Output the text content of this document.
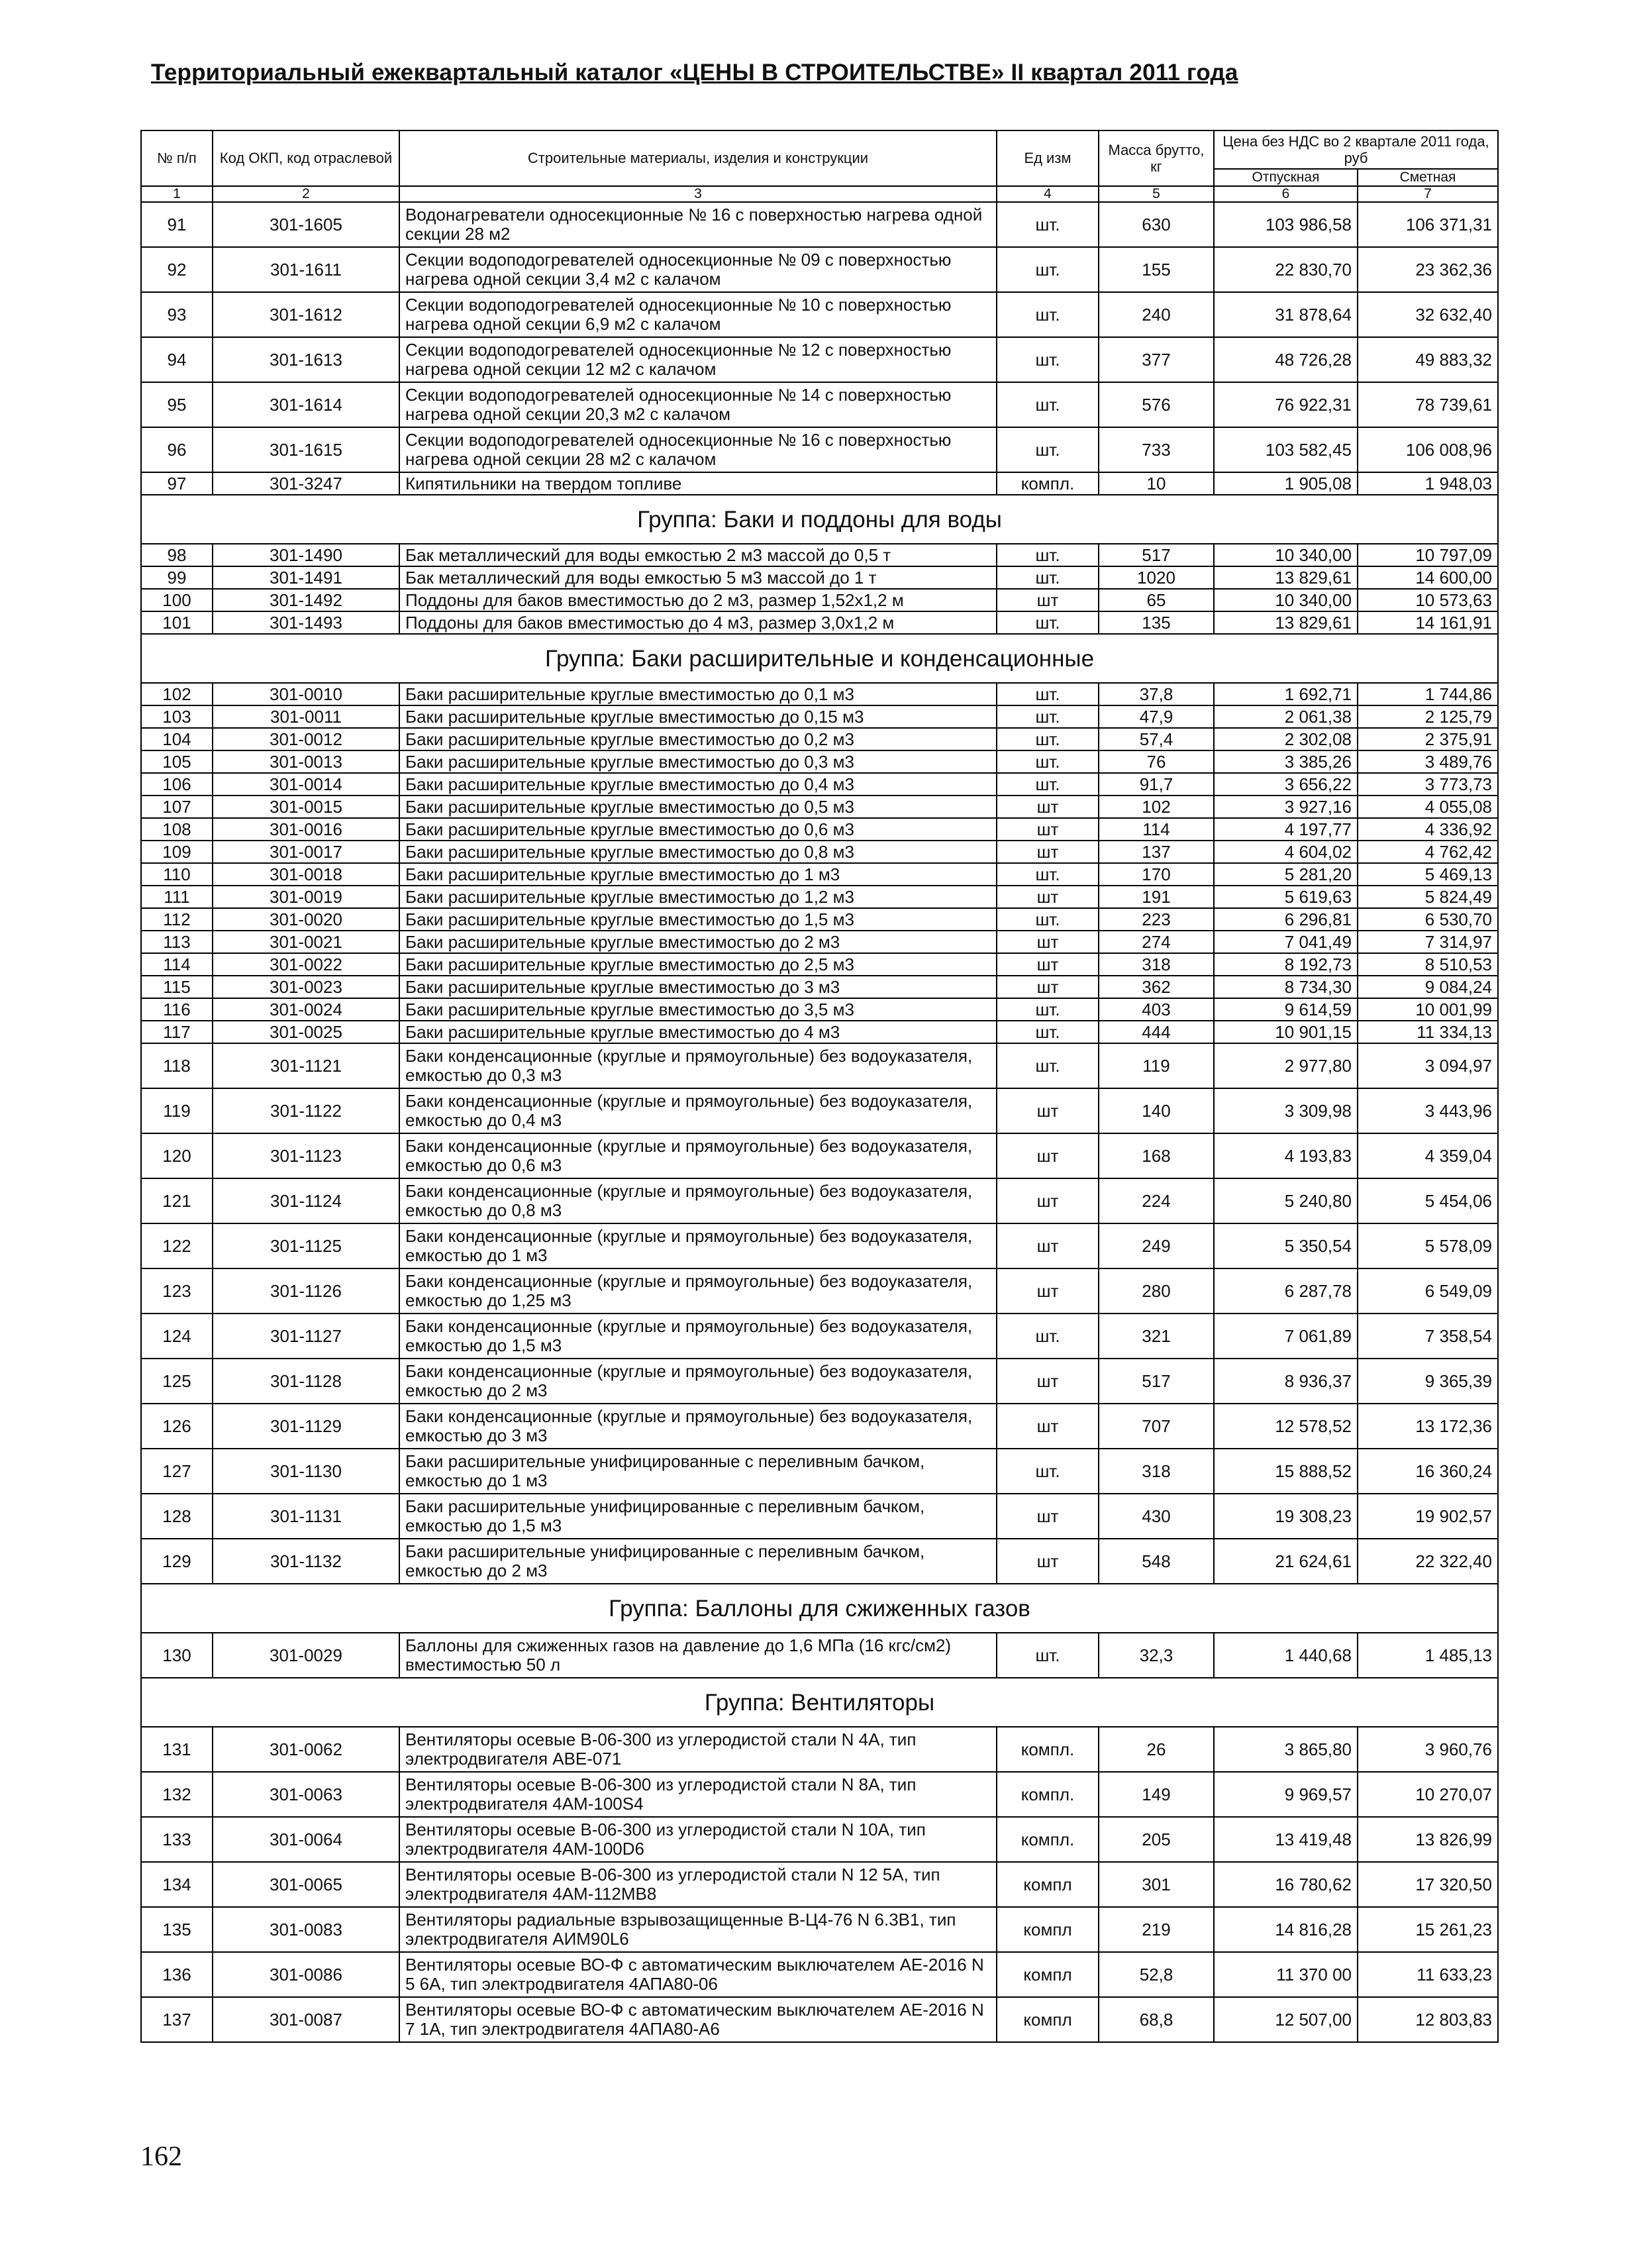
Территориальный ежеквартальный каталог «ЦЕНЫ В СТРОИТЕЛЬСТВЕ» II квартал 2011 года
№ п/п	Код ОКП, код отраслевой	Строительные материалы, изделия и конструкции	Ед изм	Масса брутто, кг	Цена без НДС во 2 квартале 2011 года, руб	
					Отпускная	Сметная
1	2	3	4	5	6	7
91	301-1605	Водонагреватели односекционные № 16 с поверхностью нагрева одной секции 28 м2	шт.	630	103 986,58	106 371,31
92	301-1611	Секции водоподогревателей односекционные № 09 с поверхностью нагрева одной секции 3,4 м2 с калачом	шт.	155	22 830,70	23 362,36
93	301-1612	Секции водоподогревателей односекционные № 10 с поверхностью нагрева одной секции 6,9 м2 с калачом	шт.	240	31 878,64	32 632,40
94	301-1613	Секции водоподогревателей односекционные № 12 с поверхностью нагрева одной секции 12 м2 с калачом	шт.	377	48 726,28	49 883,32
95	301-1614	Секции водоподогревателей односекционные № 14 с поверхностью нагрева одной секции 20,3 м2 с калачом	шт.	576	76 922,31	78 739,61
96	301-1615	Секции водоподогревателей односекционные № 16 с поверхностью нагрева одной секции 28 м2 с калачом	шт.	733	103 582,45	106 008,96
97	301-3247	Кипятильники на твердом топливе	компл.	10	1 905,08	1 948,03
Группа: Баки и поддоны для воды						
98	301-1490	Бак металлический для воды емкостью 2 м3 массой до 0,5 т	шт.	517	10 340,00	10 797,09
99	301-1491	Бак металлический для воды емкостью 5 м3 массой до 1 т	шт.	1020	13 829,61	14 600,00
100	301-1492	Поддоны для баков вместимостью до 2 м3, размер 1,52х1,2 м	шт	65	10 340,00	10 573,63
101	301-1493	Поддоны для баков вместимостью до 4 м3, размер 3,0х1,2 м	шт.	135	13 829,61	14 161,91
Группа: Баки расширительные и конденсационные						
102	301-0010	Баки расширительные круглые вместимостью до 0,1 м3	шт.	37,8	1 692,71	1 744,86
103	301-0011	Баки расширительные круглые вместимостью до 0,15 м3	шт.	47,9	2 061,38	2 125,79
104	301-0012	Баки расширительные круглые вместимостью до 0,2 м3	шт.	57,4	2 302,08	2 375,91
105	301-0013	Баки расширительные круглые вместимостью до 0,3 м3	шт.	76	3 385,26	3 489,76
106	301-0014	Баки расширительные круглые вместимостью до 0,4 м3	шт.	91,7	3 656,22	3 773,73
107	301-0015	Баки расширительные круглые вместимостью до 0,5 м3	шт	102	3 927,16	4 055,08
108	301-0016	Баки расширительные круглые вместимостью до 0,6 м3	шт	114	4 197,77	4 336,92
109	301-0017	Баки расширительные круглые вместимостью до 0,8 м3	шт	137	4 604,02	4 762,42
110	301-0018	Баки расширительные круглые вместимостью до 1 м3	шт.	170	5 281,20	5 469,13
111	301-0019	Баки расширительные круглые вместимостью до 1,2 м3	шт	191	5 619,63	5 824,49
112	301-0020	Баки расширительные круглые вместимостью до 1,5 м3	шт.	223	6 296,81	6 530,70
113	301-0021	Баки расширительные круглые вместимостью до 2 м3	шт	274	7 041,49	7 314,97
114	301-0022	Баки расширительные круглые вместимостью до 2,5 м3	шт	318	8 192,73	8 510,53
115	301-0023	Баки расширительные круглые вместимостью до 3 м3	шт	362	8 734,30	9 084,24
116	301-0024	Баки расширительные круглые вместимостью до 3,5 м3	шт.	403	9 614,59	10 001,99
117	301-0025	Баки расширительные круглые вместимостью до 4 м3	шт.	444	10 901,15	11 334,13
118	301-1121	Баки конденсационные (круглые и прямоугольные) без водоуказателя, емкостью до 0,3 м3	шт.	119	2 977,80	3 094,97
119	301-1122	Баки конденсационные (круглые и прямоугольные) без водоуказателя, емкостью до 0,4 м3	шт	140	3 309,98	3 443,96
120	301-1123	Баки конденсационные (круглые и прямоугольные) без водоуказателя, емкостью до 0,6 м3	шт	168	4 193,83	4 359,04
121	301-1124	Баки конденсационные (круглые и прямоугольные) без водоуказателя, емкостью до 0,8 м3	шт	224	5 240,80	5 454,06
122	301-1125	Баки конденсационные (круглые и прямоугольные) без водоуказателя, емкостью до 1 м3	шт	249	5 350,54	5 578,09
123	301-1126	Баки конденсационные (круглые и прямоугольные) без водоуказателя, емкостью до 1,25 м3	шт	280	6 287,78	6 549,09
124	301-1127	Баки конденсационные (круглые и прямоугольные) без водоуказателя, емкостью до 1,5 м3	шт.	321	7 061,89	7 358,54
125	301-1128	Баки конденсационные (круглые и прямоугольные) без водоуказателя, емкостью до 2 м3	шт	517	8 936,37	9 365,39
126	301-1129	Баки конденсационные (круглые и прямоугольные) без водоуказателя, емкостью до 3 м3	шт	707	12 578,52	13 172,36
127	301-1130	Баки расширительные унифицированные с переливным бачком, емкостью до 1 м3	шт.	318	15 888,52	16 360,24
128	301-1131	Баки расширительные унифицированные с переливным бачком, емкостью до 1,5 м3	шт	430	19 308,23	19 902,57
129	301-1132	Баки расширительные унифицированные с переливным бачком, емкостью до 2 м3	шт	548	21 624,61	22 322,40
Группа: Баллоны для сжиженных газов						
130	301-0029	Баллоны для сжиженных газов на давление до 1,6 МПа (16 кгс/см2) вместимостью 50 л	шт.	32,3	1 440,68	1 485,13
Группа: Вентиляторы						
131	301-0062	Вентиляторы осевые В-06-300 из углеродистой стали N 4А, тип электродвигателя АВЕ-071	компл.	26	3 865,80	3 960,76
132	301-0063	Вентиляторы осевые В-06-300 из углеродистой стали N 8А, тип электродвигателя 4АМ-100S4	компл.	149	9 969,57	10 270,07
133	301-0064	Вентиляторы осевые В-06-300 из углеродистой стали N 10А, тип электродвигателя 4АМ-100D6	компл.	205	13 419,48	13 826,99
134	301-0065	Вентиляторы осевые В-06-300 из углеродистой стали N 12 5А, тип электродвигателя 4АМ-112МВ8	компл	301	16 780,62	17 320,50
135	301-0083	Вентиляторы радиальные взрывозащищенные В-Ц4-76 N 6.3В1, тип электродвигателя АИМ90L6	компл	219	14 816,28	15 261,23
136	301-0086	Вентиляторы осевые ВО-Ф с автоматическим выключателем АЕ-2016 N 5 6А, тип электродвигателя 4АПА80-06	компл	52,8	11 370 00	11 633,23
137	301-0087	Вентиляторы осевые ВО-Ф с автоматическим выключателем АЕ-2016 N 7 1А, тип электродвигателя 4АПА80-А6	компл	68,8	12 507,00	12 803,83
162
